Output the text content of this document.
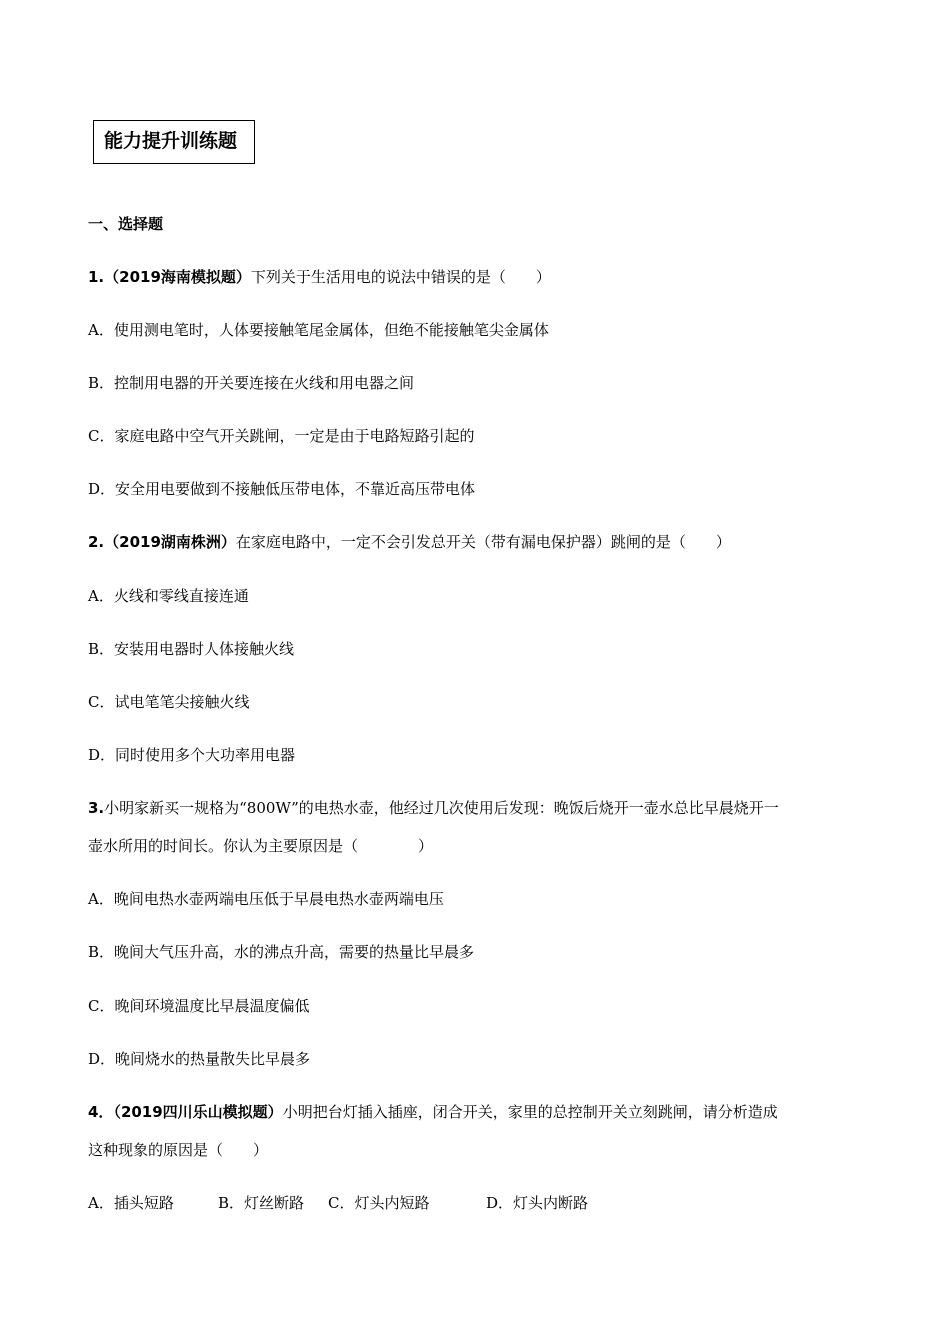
能力提升训练题
一、选择题
1.（2019海南模拟题）下列关于生活用电的说法中错误的是（　　）
A．使用测电笔时，人体要接触笔尾金属体，但绝不能接触笔尖金属体
B．控制用电器的开关要连接在火线和用电器之间
C．家庭电路中空气开关跳闸，一定是由于电路短路引起的
D．安全用电要做到不接触低压带电体，不靠近高压带电体
2.（2019湖南株洲）在家庭电路中，一定不会引发总开关（带有漏电保护器）跳闸的是（　　）
A．火线和零线直接连通
B．安装用电器时人体接触火线
C．试电笔笔尖接触火线
D．同时使用多个大功率用电器
3.小明家新买一规格为“800W”的电热水壶，他经过几次使用后发现：晚饭后烧开一壶水总比早晨烧开一
壶水所用的时间长。你认为主要原因是（　　　　）
A．晚间电热水壶两端电压低于早晨电热水壶两端电压
B．晚间大气压升高，水的沸点升高，需要的热量比早晨多
C．晚间环境温度比早晨温度偏低
D．晚间烧水的热量散失比早晨多
4．（2019四川乐山模拟题）小明把台灯插入插座，闭合开关，家里的总控制开关立刻跳闸，请分析造成
这种现象的原因是（　　）
A．插头短路	B．灯丝断路 C．灯头内短路	D．灯头内断路
